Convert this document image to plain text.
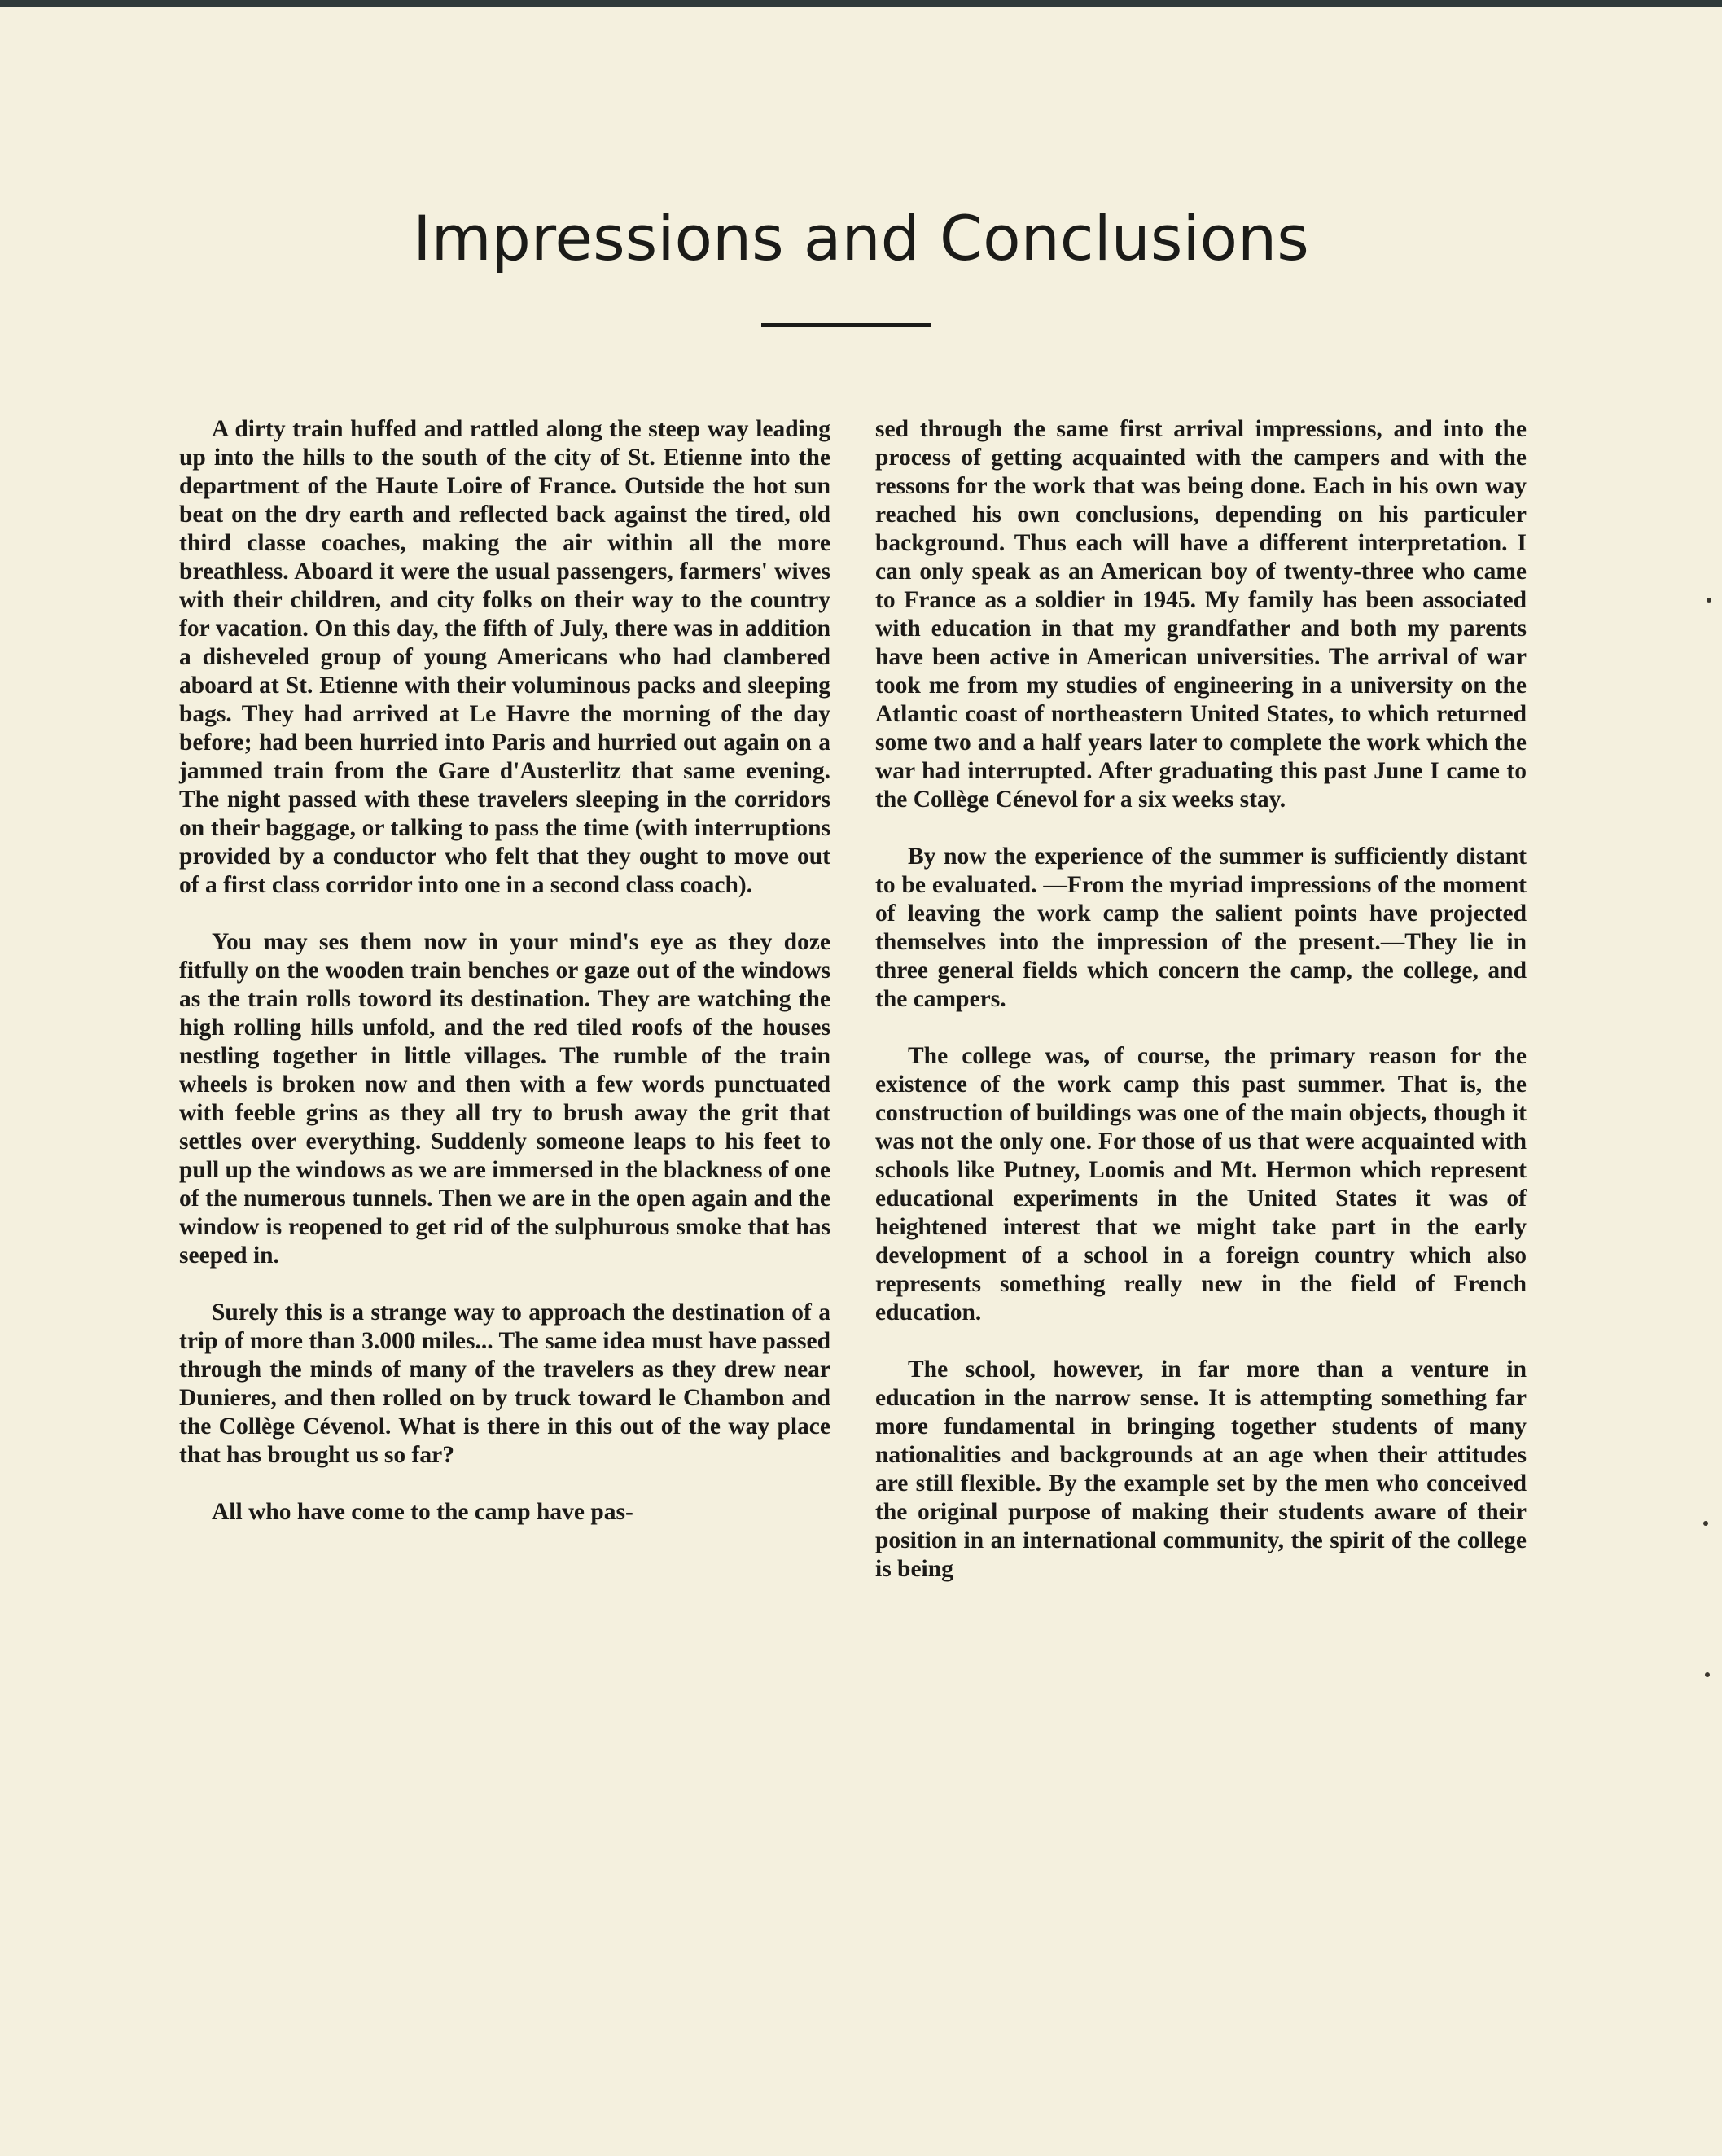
Impressions and Conclusions

A dirty train huffed and rattled along the steep way leading up into the hills to the south of the city of St. Etienne into the department of the Haute Loire of France. Outside the hot sun beat on the dry earth and reflected back against the tired, old third classe coaches, making the air within all the more breathless. Aboard it were the usual passengers, farmers' wives with their children, and city folks on their way to the country for vacation. On this day, the fifth of July, there was in addition a disheveled group of young Americans who had clambered aboard at St. Etienne with their voluminous packs and sleeping bags. They had arrived at Le Havre the morning of the day before; had been hurried into Paris and hurried out again on a jammed train from the Gare d'Austerlitz that same evening. The night passed with these travelers sleeping in the corridors on their baggage, or talking to pass the time (with interruptions provided by a conductor who felt that they ought to move out of a first class corridor into one in a second class coach).

You may ses them now in your mind's eye as they doze fitfully on the wooden train benches or gaze out of the windows as the train rolls toword its destination. They are watching the high rolling hills unfold, and the red tiled roofs of the houses nestling together in little villages. The rumble of the train wheels is broken now and then with a few words punctuated with feeble grins as they all try to brush away the grit that settles over everything. Suddenly someone leaps to his feet to pull up the windows as we are immersed in the blackness of one of the numerous tunnels. Then we are in the open again and the window is reopened to get rid of the sulphurous smoke that has seeped in.

Surely this is a strange way to approach the destination of a trip of more than 3.000 miles... The same idea must have passed through the minds of many of the travelers as they drew near Dunieres, and then rolled on by truck toward le Chambon and the Collège Cévenol. What is there in this out of the way place that has brought us so far?

All who have come to the camp have pas-

sed through the same first arrival impressions, and into the process of getting acquainted with the campers and with the ressons for the work that was being done. Each in his own way reached his own conclusions, depending on his particuler background. Thus each will have a different interpretation. I can only speak as an American boy of twenty-three who came to France as a soldier in 1945. My family has been associated with education in that my grandfather and both my parents have been active in American universities. The arrival of war took me from my studies of engineering in a university on the Atlantic coast of northeastern United States, to which returned some two and a half years later to complete the work which the war had interrupted. After graduating this past June I came to the Collège Cénevol for a six weeks stay.

By now the experience of the summer is sufficiently distant to be evaluated. —From the myriad impressions of the moment of leaving the work camp the salient points have projected themselves into the impression of the present.—They lie in three general fields which concern the camp, the college, and the campers.

The college was, of course, the primary reason for the existence of the work camp this past summer. That is, the construction of buildings was one of the main objects, though it was not the only one. For those of us that were acquainted with schools like Putney, Loomis and Mt. Hermon which represent educational experiments in the United States it was of heightened interest that we might take part in the early development of a school in a foreign country which also represents something really new in the field of French education.

The school, however, in far more than a venture in education in the narrow sense. It is attempting something far more fundamental in bringing together students of many nationalities and backgrounds at an age when their attitudes are still flexible. By the example set by the men who conceived the original purpose of making their students aware of their position in an international community, the spirit of the college is being
